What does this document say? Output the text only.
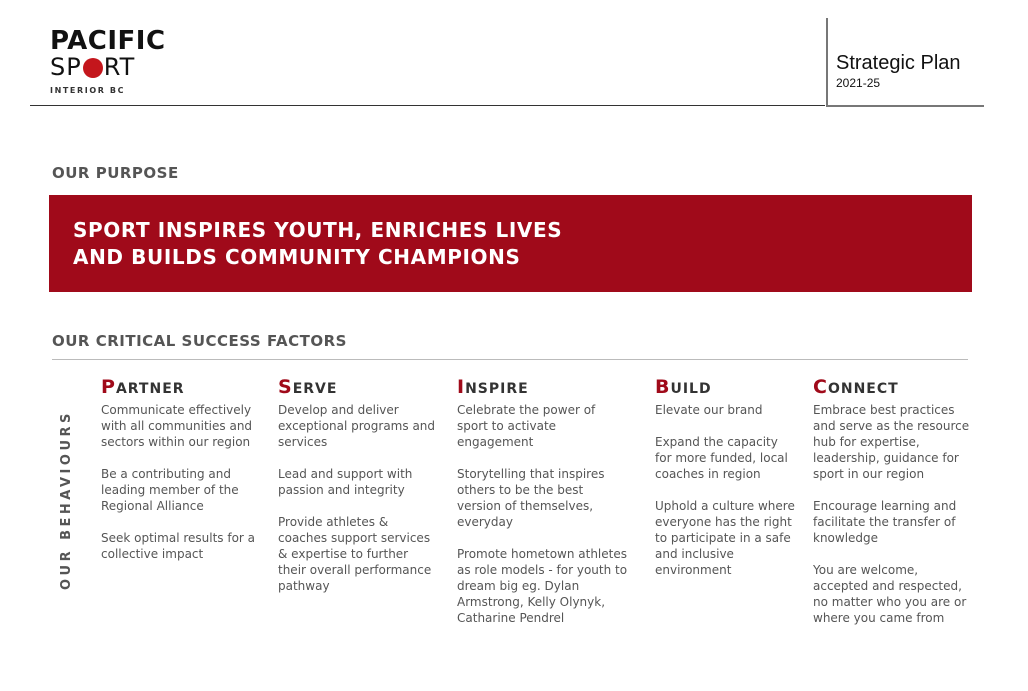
PACIFIC
SP RT
INTERIOR BC
Strategic Plan
2021-25
OUR PURPOSE
SPORT INSPIRES YOUTH, ENRICHES LIVES
AND BUILDS COMMUNITY CHAMPIONS
OUR CRITICAL SUCCESS FACTORS
OUR BEHAVIOURS
PARTNER
Communicate effectively with all communities and sectors within our region
Be a contributing and leading member of the Regional Alliance
Seek optimal results for a collective impact
SERVE
Develop and deliver exceptional programs and services
Lead and support with passion and integrity
Provide athletes & coaches support services & expertise to further their overall performance pathway
INSPIRE
Celebrate the power of sport to activate engagement
Storytelling that inspires others to be the best version of themselves, everyday
Promote hometown athletes as role models - for youth to dream big eg. Dylan Armstrong, Kelly Olynyk, Catharine Pendrel
BUILD
Elevate our brand
Expand the capacity for more funded, local coaches in region
Uphold a culture where everyone has the right to participate in a safe and inclusive environment
CONNECT
Embrace best practices and serve as the resource hub for expertise, leadership, guidance for sport in our region
Encourage learning and facilitate the transfer of knowledge
You are welcome, accepted and respected, no matter who you are or where you came from
